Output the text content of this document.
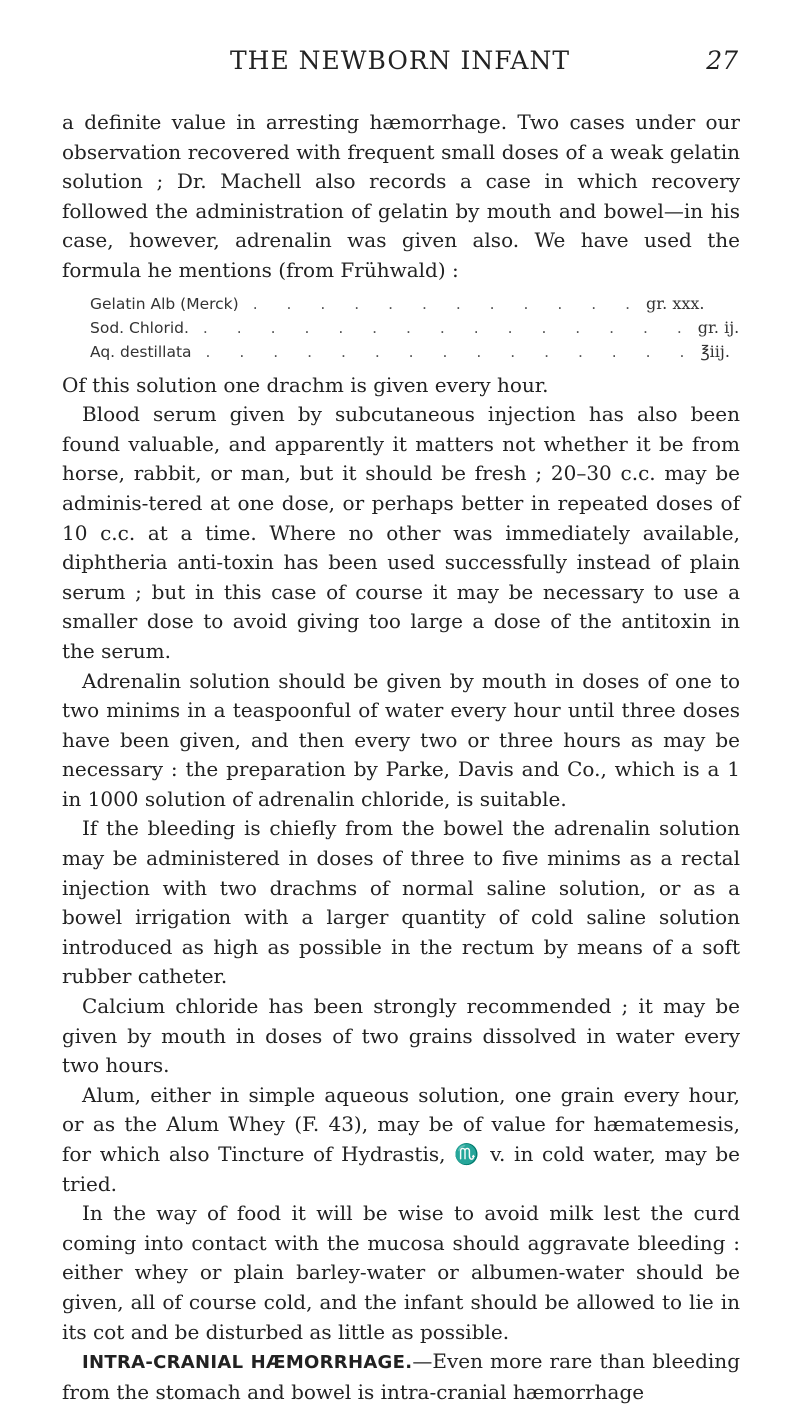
THE NEWBORN INFANT	27

a definite value in arresting hæmorrhage. Two cases under our observation recovered with frequent small doses of a weak gelatin solution ; Dr. Machell also records a case in which recovery followed the administration of gelatin by mouth and bowel—in his case, however, adrenalin was given also. We have used the formula he mentions (from Frühwald) :

Gelatin Alb (Merck) . . . . . . . . . . . . gr. xxx.
Sod. Chlorid. . . . . . . . . . . . . . . . gr. ij.
Aq. destillata . . . . . . . . . . . . . . . ℥iij.

Of this solution one drachm is given every hour.

Blood serum given by subcutaneous injection has also been found valuable, and apparently it matters not whether it be from horse, rabbit, or man, but it should be fresh ; 20–30 c.c. may be adminis-tered at one dose, or perhaps better in repeated doses of 10 c.c. at a time. Where no other was immediately available, diphtheria anti-toxin has been used successfully instead of plain serum ; but in this case of course it may be necessary to use a smaller dose to avoid giving too large a dose of the antitoxin in the serum.

Adrenalin solution should be given by mouth in doses of one to two minims in a teaspoonful of water every hour until three doses have been given, and then every two or three hours as may be necessary : the preparation by Parke, Davis and Co., which is a 1 in 1000 solution of adrenalin chloride, is suitable.

If the bleeding is chiefly from the bowel the adrenalin solution may be administered in doses of three to five minims as a rectal injection with two drachms of normal saline solution, or as a bowel irrigation with a larger quantity of cold saline solution introduced as high as possible in the rectum by means of a soft rubber catheter.

Calcium chloride has been strongly recommended ; it may be given by mouth in doses of two grains dissolved in water every two hours.

Alum, either in simple aqueous solution, one grain every hour, or as the Alum Whey (F. 43), may be of value for hæmatemesis, for which also Tincture of Hydrastis, ♏ v. in cold water, may be tried.

In the way of food it will be wise to avoid milk lest the curd coming into contact with the mucosa should aggravate bleeding : either whey or plain barley-water or albumen-water should be given, all of course cold, and the infant should be allowed to lie in its cot and be disturbed as little as possible.

INTRA-CRANIAL HÆMORRHAGE.—Even more rare than bleeding from the stomach and bowel is intra-cranial hæmorrhage
